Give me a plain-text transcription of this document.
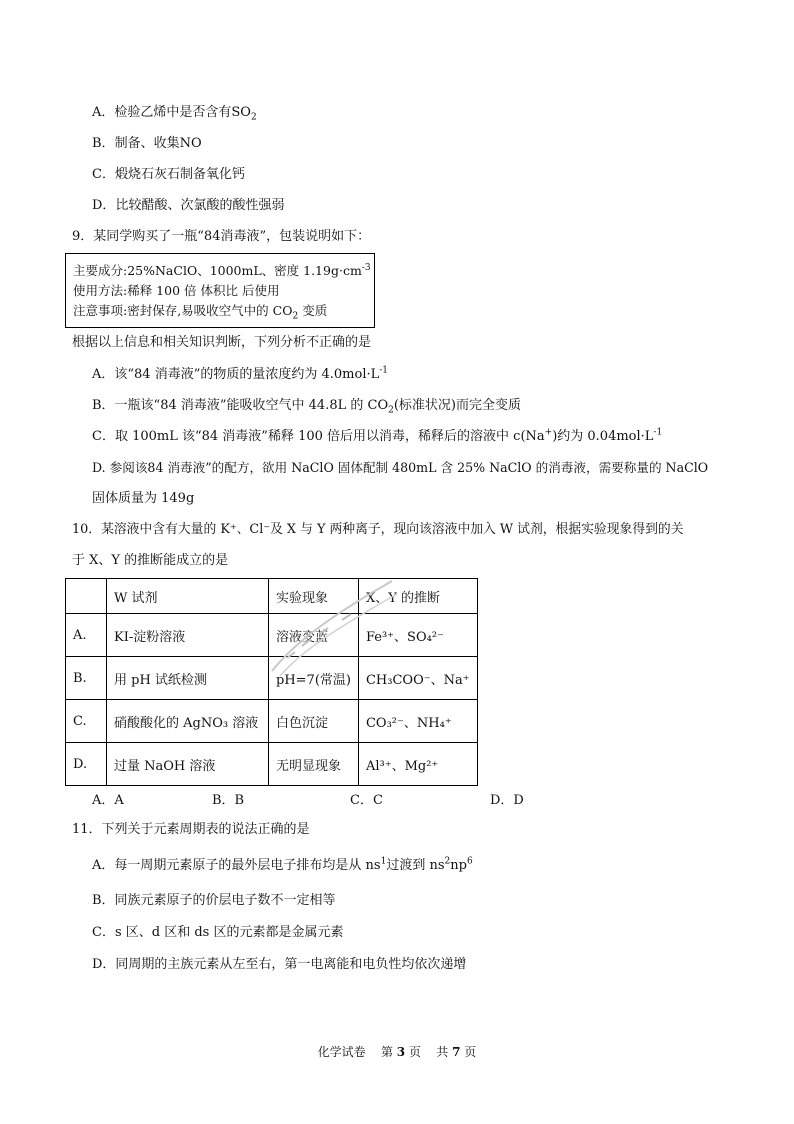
A．检验乙烯中是否含有$SO_2$
B．制备、收集NO
C．煅烧石灰石制备氧化钙
D．比较醋酸、次氯酸的酸性强弱
9．某同学购买了一瓶“84消毒液”，包装说明如下：
主要成分:25%NaClO、1000mL、密度 $1.19g\cdot cm^{-3}$
使用方法:稀释 100 倍 体积比 后使用
注意事项:密封保存,易吸收空气中的 $CO_2$ 变质
根据以上信息和相关知识判断，下列分析不正确的是
A．该“84 消毒液”的物质的量浓度约为 $4.0mol\cdot L^{-1}$
B．一瓶该“84 消毒液”能吸收空气中 44.8L 的 $CO_2$(标准状况)而完全变质
C．取 100mL 该“84 消毒液”稀释 100 倍后用以消毒，稀释后的溶液中 c(Na+)约为 $0.04mol\cdot L^{-1}$
D. 参阅该84 消毒液”的配方，欲用 NaClO 固体配制 480mL 含 25% NaClO 的消毒液，需要称量的 NaClO
固体质量为 149g
10．某溶液中含有大量的 K⁺、Cl⁻及 X 与 Y 两种离子，现向该溶液中加入 W 试剂，根据实验现象得到的关
于 X、Y 的推断能成立的是
	W 试剂	实验现象	X、Y 的推断
A.	KI-淀粉溶液	溶液变蓝	Fe³⁺、SO₄²⁻
B.	用 pH 试纸检测	pH=7(常温)	CH₃COO⁻、Na⁺
C.	硝酸酸化的 AgNO₃ 溶液	白色沉淀	CO₃²⁻、NH₄⁺
D.	过量 NaOH 溶液	无明显现象	Al³⁺、Mg²⁺
A．A	B．B	C．C	D．D
11．下列关于元素周期表的说法正确的是
A．每一周期元素原子的最外层电子排布均是从 $ns^1$过渡到 $ns^2np^6$
B．同族元素原子的价层电子数不一定相等
C．s 区、d 区和 ds 区的元素都是金属元素
D．同周期的主族元素从左至右，第一电离能和电负性均依次递增
化学试卷 第 3 页 共 7 页
